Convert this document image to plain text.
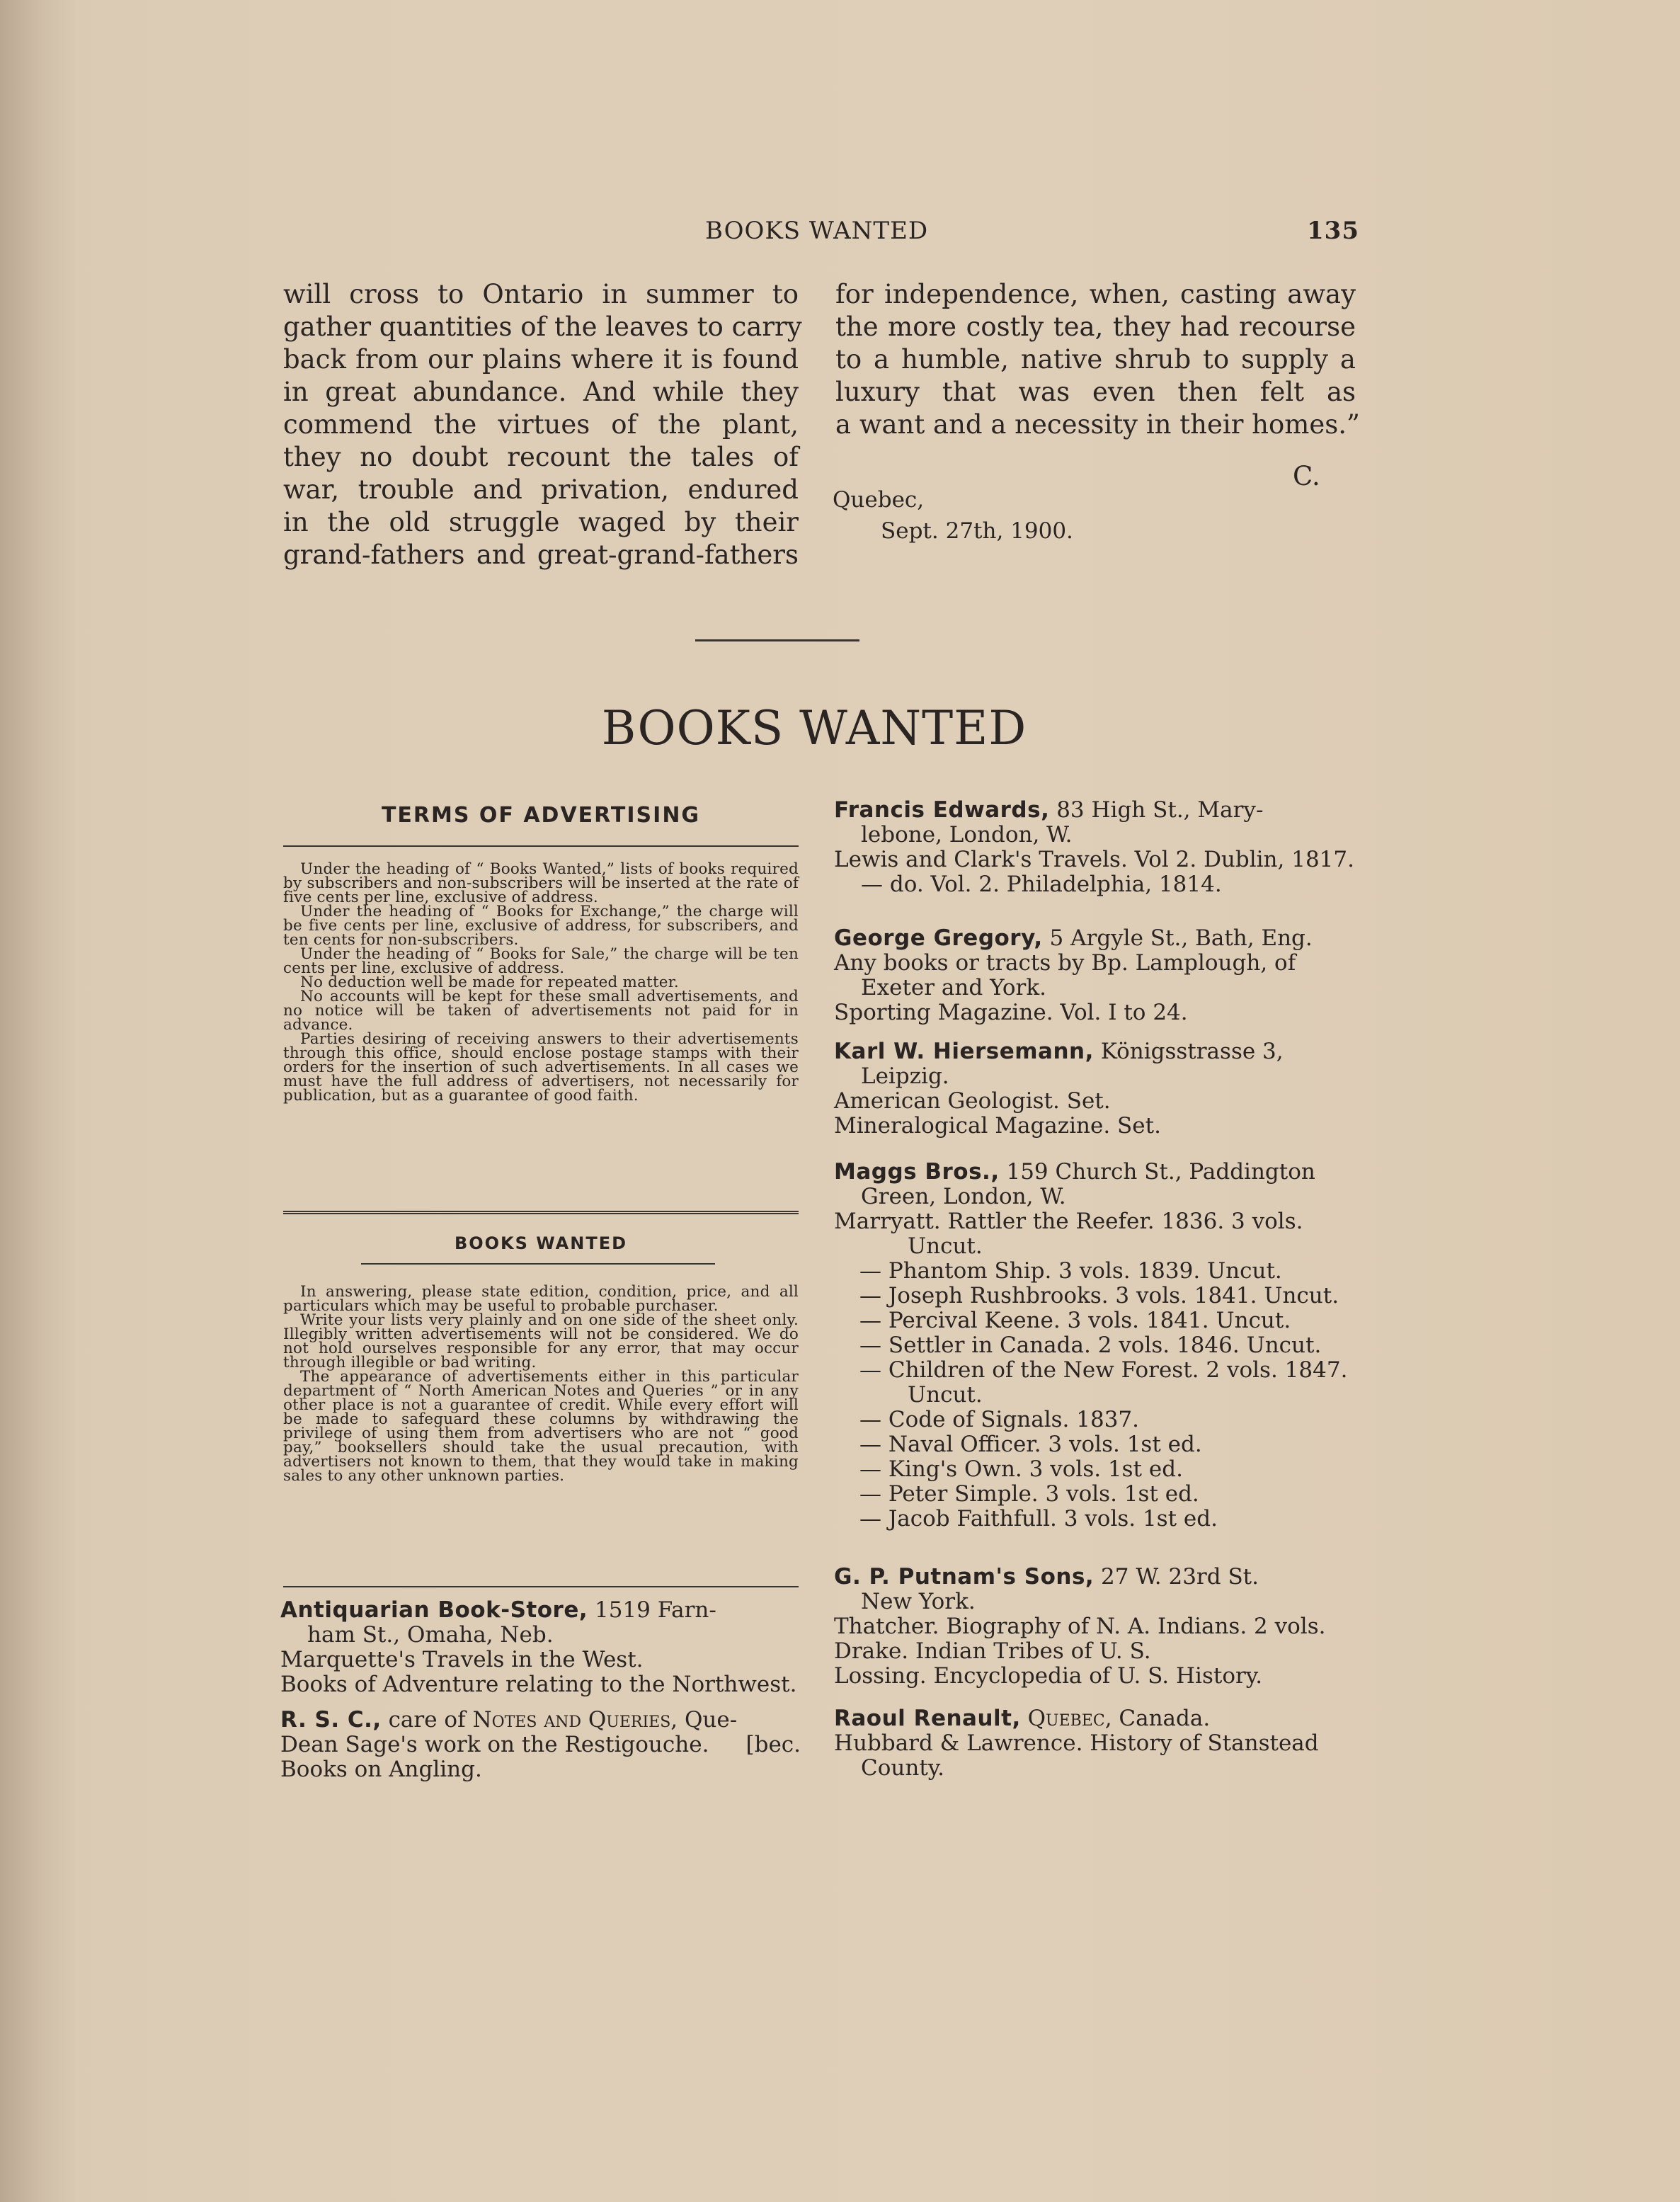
BOOKS WANTED	135
will cross to Ontario in summer to
gather quantities of the leaves to carry
back from our plains where it is found
in great abundance. And while they
commend the virtues of the plant,
they no doubt recount the tales of
war, trouble and privation, endured
in the old struggle waged by their
grand-fathers and great-grand-fathers
for independence, when, casting away
the more costly tea, they had recourse
to a humble, native shrub to supply a
luxury that was even then felt as
a want and a necessity in their homes.”
C.
Quebec,
Sept. 27th, 1900.
BOOKS WANTED
TERMS OF ADVERTISING

Under the heading of “ Books Wanted,” lists of books required by subscribers and non-subscribers will be inserted at the rate of five cents per line, exclusive of address.

Under the heading of “ Books for Exchange,” the charge will be five cents per line, exclusive of address, for subscribers, and ten cents for non-subscribers.

Under the heading of “ Books for Sale,” the charge will be ten cents per line, exclusive of address.

No deduction well be made for repeated matter.

No accounts will be kept for these small advertisements, and no notice will be taken of advertisements not paid for in advance.

Parties desiring of receiving answers to their advertisements through this office, should enclose postage stamps with their orders for the insertion of such advertisements. In all cases we must have the full address of advertisers, not necessarily for publication, but as a guarantee of good faith.

BOOKS WANTED

In answering, please state edition, condition, price, and all particulars which may be useful to probable purchaser.

Write your lists very plainly and on one side of the sheet only. Illegibly written advertisements will not be considered. We do not hold ourselves responsible for any error, that may occur through illegible or bad writing.

The appearance of advertisements either in this particular department of “ North American Notes and Queries ” or in any other place is not a guarantee of credit. While every effort will be made to safeguard these columns by withdrawing the privilege of using them from advertisers who are not “ good pay,” booksellers should take the usual precaution, with advertisers not known to them, that they would take in making sales to any other unknown parties.

Antiquarian Book-Store, 1519 Farn-
ham St., Omaha, Neb.
Marquette's Travels in the West.
Books of Adventure relating to the Northwest.
R. S. C., care of Notes and Queries, Que-
Dean Sage's work on the Restigouche. [bec.
Books on Angling.
Francis Edwards, 83 High St., Mary-
lebone, London, W.
Lewis and Clark's Travels. Vol 2. Dublin, 1817.
— do. Vol. 2. Philadelphia, 1814.
George Gregory, 5 Argyle St., Bath, Eng.
Any books or tracts by Bp. Lamplough, of
Exeter and York.
Sporting Magazine. Vol. I to 24.
Karl W. Hiersemann, Königsstrasse 3,
Leipzig.
American Geologist. Set.
Mineralogical Magazine. Set.
Maggs Bros., 159 Church St., Paddington
Green, London, W.
Marryatt. Rattler the Reefer. 1836. 3 vols.
Uncut.
— Phantom Ship. 3 vols. 1839. Uncut.
— Joseph Rushbrooks. 3 vols. 1841. Uncut.
— Percival Keene. 3 vols. 1841. Uncut.
— Settler in Canada. 2 vols. 1846. Uncut.
— Children of the New Forest. 2 vols. 1847.
Uncut.
— Code of Signals. 1837.
— Naval Officer. 3 vols. 1st ed.
— King's Own. 3 vols. 1st ed.
— Peter Simple. 3 vols. 1st ed.
— Jacob Faithfull. 3 vols. 1st ed.
G. P. Putnam's Sons, 27 W. 23rd St.
New York.
Thatcher. Biography of N. A. Indians. 2 vols.
Drake. Indian Tribes of U. S.
Lossing. Encyclopedia of U. S. History.
Raoul Renault, Quebec, Canada.
Hubbard & Lawrence. History of Stanstead
County.
